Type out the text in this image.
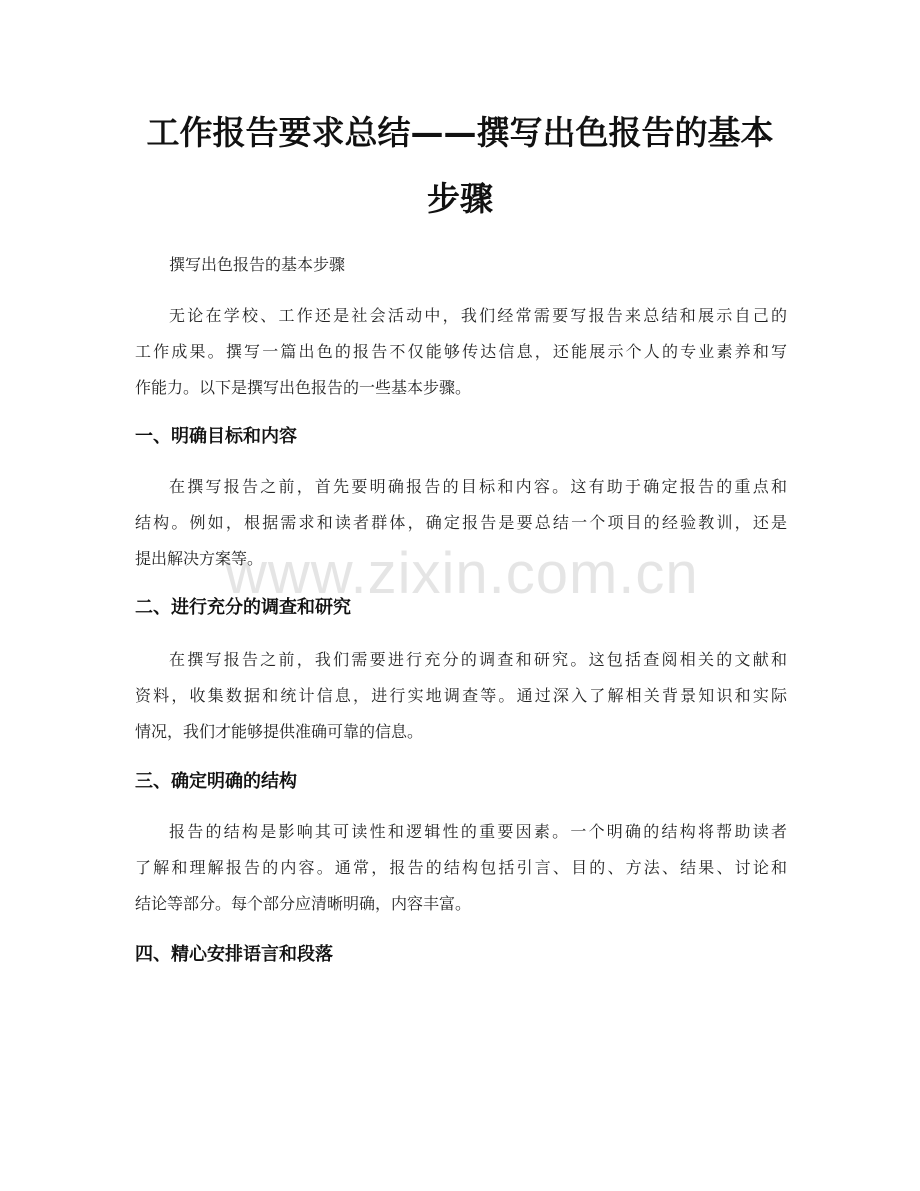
工作报告要求总结——撰写出色报告的基本
步骤

撰写出色报告的基本步骤

无论在学校、工作还是社会活动中，我们经常需要写报告来总结和展示自己的
工作成果。撰写一篇出色的报告不仅能够传达信息，还能展示个人的专业素养和写
作能力。以下是撰写出色报告的一些基本步骤。

一、明确目标和内容

在撰写报告之前，首先要明确报告的目标和内容。这有助于确定报告的重点和
结构。例如，根据需求和读者群体，确定报告是要总结一个项目的经验教训，还是
提出解决方案等。

二、进行充分的调查和研究

在撰写报告之前，我们需要进行充分的调查和研究。这包括查阅相关的文献和
资料，收集数据和统计信息，进行实地调查等。通过深入了解相关背景知识和实际
情况，我们才能够提供准确可靠的信息。

三、确定明确的结构

报告的结构是影响其可读性和逻辑性的重要因素。一个明确的结构将帮助读者
了解和理解报告的内容。通常，报告的结构包括引言、目的、方法、结果、讨论和
结论等部分。每个部分应清晰明确，内容丰富。

四、精心安排语言和段落
www.zixin.com.cn
